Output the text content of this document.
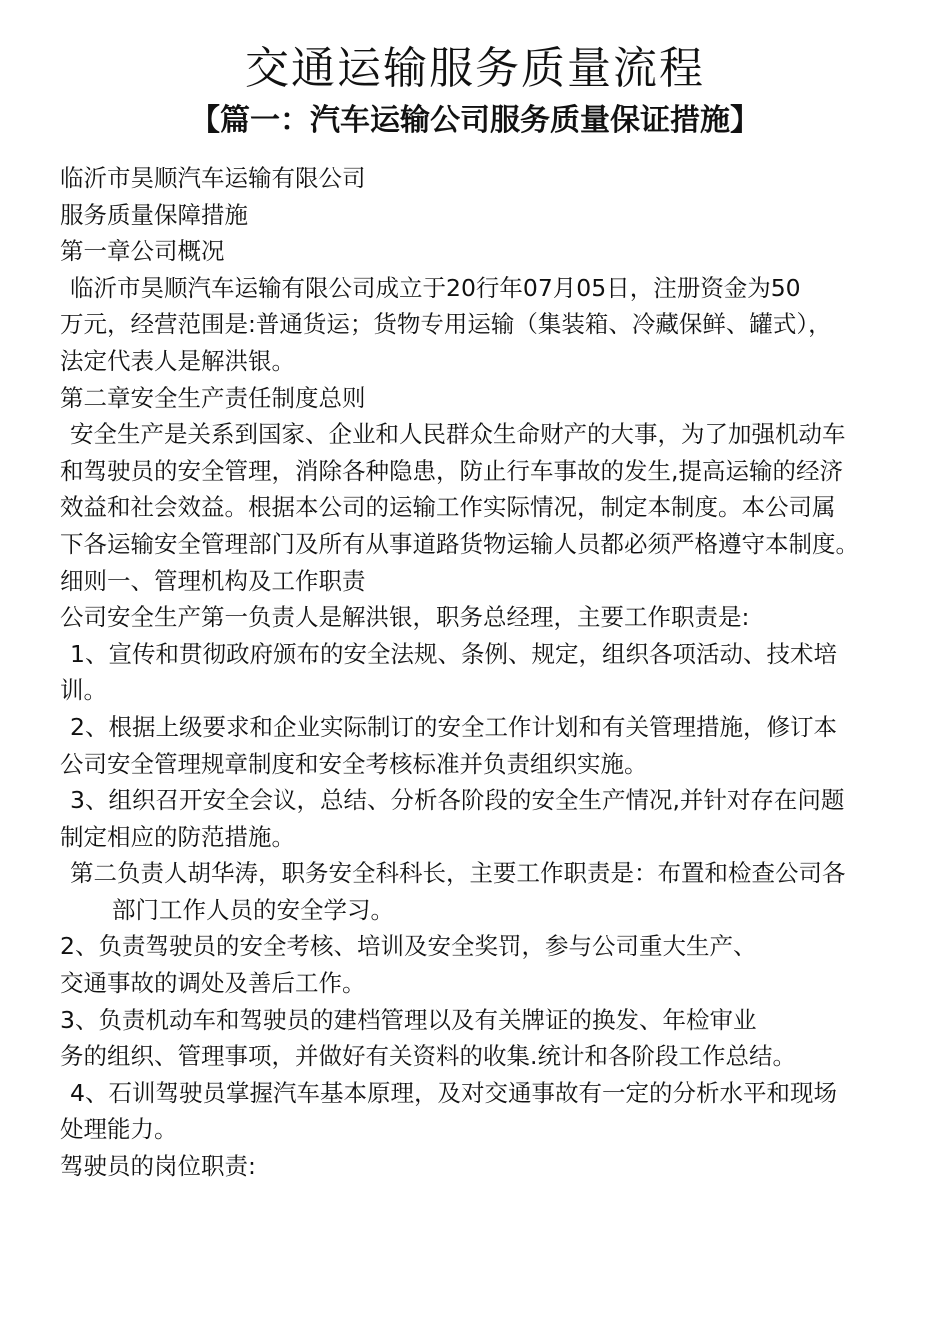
交通运输服务质量流程
【篇一：汽车运输公司服务质量保证措施】

临沂市昊顺汽车运输有限公司

服务质量保障措施

第一章公司概况

临沂市昊顺汽车运输有限公司成立于20行年07月05日，注册资金为50

万元，经营范围是:普通货运；货物专用运输（集装箱、冷藏保鲜、罐式），

法定代表人是解洪银。

第二章安全生产责任制度总则

安全生产是关系到国家、企业和人民群众生命财产的大事，为了加强机动车

和驾驶员的安全管理，消除各种隐患，防止行车事故的发生,提高运输的经济

效益和社会效益。根据本公司的运输工作实际情况，制定本制度。本公司属

下各运输安全管理部门及所有从事道路货物运输人员都必须严格遵守本制度。

细则一、管理机构及工作职责

公司安全生产第一负责人是解洪银，职务总经理，主要工作职责是:

1、宣传和贯彻政府颁布的安全法规、条例、规定，组织各项活动、技术培

训。

2、根据上级要求和企业实际制订的安全工作计划和有关管理措施，修订本

公司安全管理规章制度和安全考核标准并负责组织实施。

3、组织召开安全会议，总结、分析各阶段的安全生产情况,并针对存在问题

制定相应的防范措施。

第二负责人胡华涛，职务安全科科长，主要工作职责是：布置和检查公司各

部门工作人员的安全学习。

2、负责驾驶员的安全考核、培训及安全奖罚，参与公司重大生产、

交通事故的调处及善后工作。

3、负责机动车和驾驶员的建档管理以及有关牌证的换发、年检审业

务的组织、管理事项，并做好有关资料的收集.统计和各阶段工作总结。

4、石训驾驶员掌握汽车基本原理，及对交通事故有一定的分析水平和现场

处理能力。

驾驶员的岗位职责:
